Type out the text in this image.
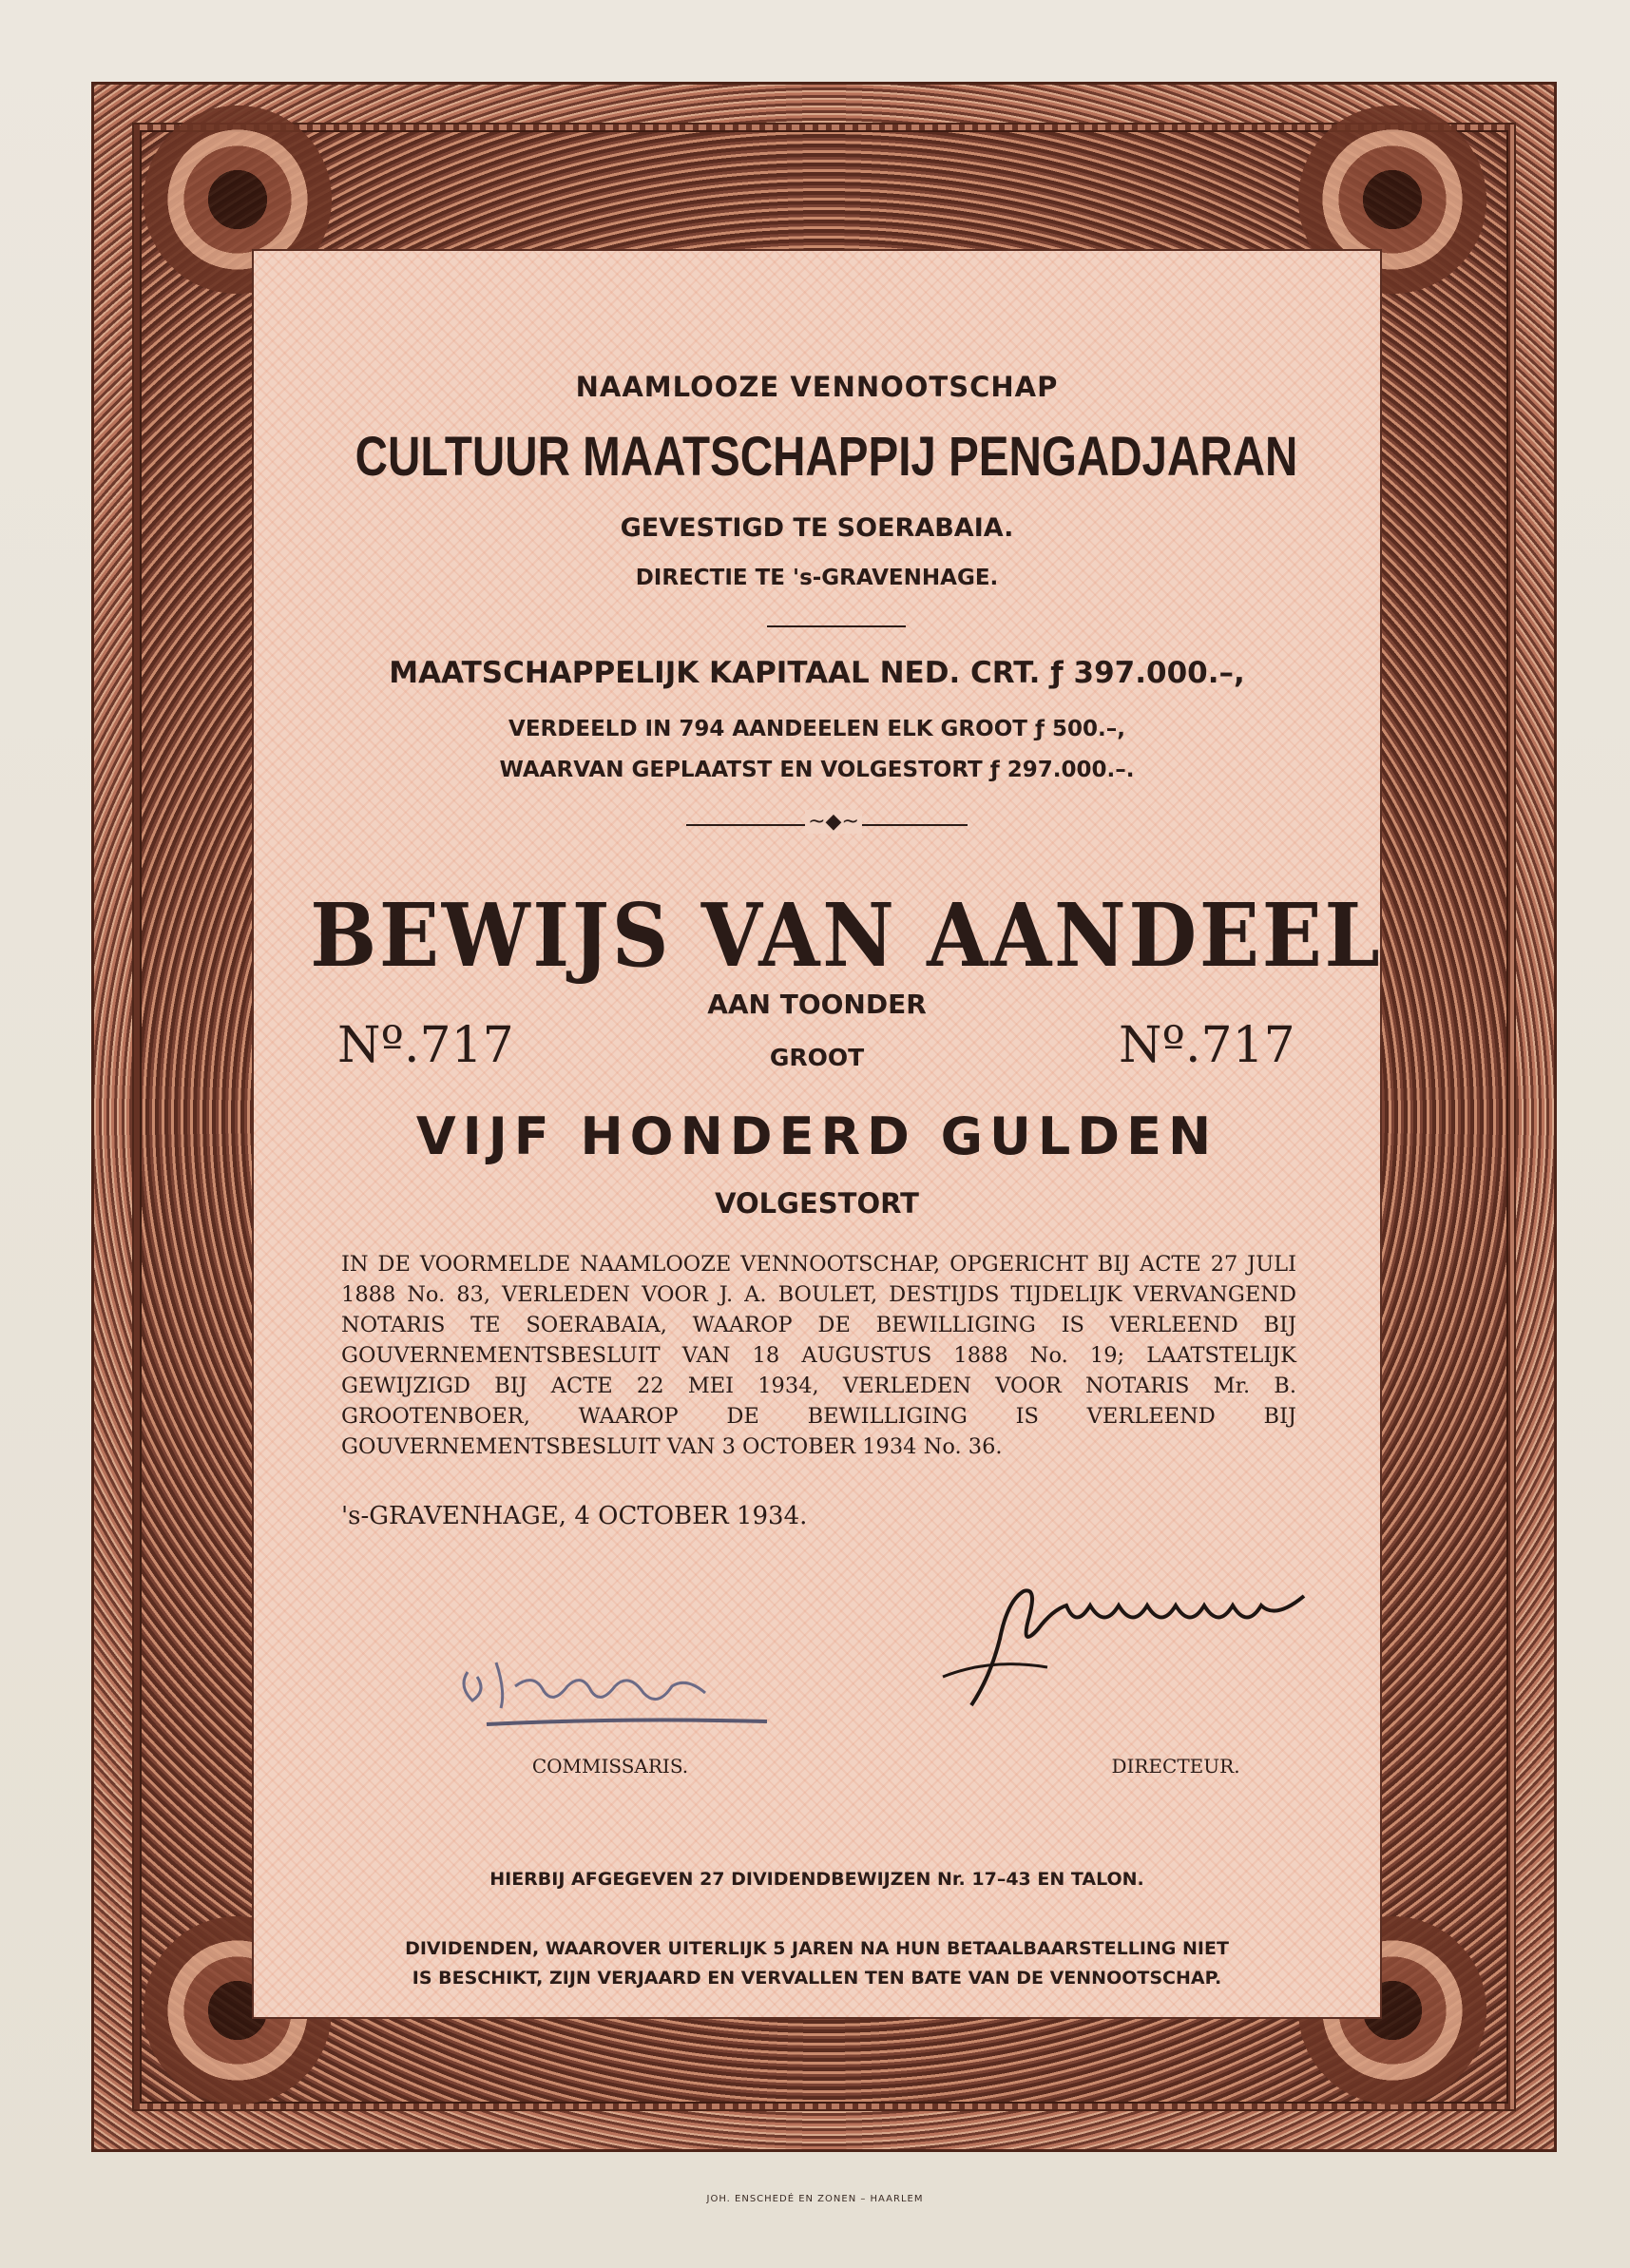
NAAMLOOZE VENNOOTSCHAP
CULTUUR MAATSCHAPPIJ PENGADJARAN
GEVESTIGD TE SOERABAIA.
DIRECTIE TE 's-GRAVENHAGE.
MAATSCHAPPELIJK KAPITAAL NED. CRT. ƒ 397.000.–,
VERDEELD IN 794 AANDEELEN ELK GROOT ƒ 500.–,
WAARVAN GEPLAATST EN VOLGESTORT ƒ 297.000.–.
~◆~
BEWIJS VAN AANDEEL
AAN TOONDER
Nº.717	GROOT	Nº.717
VIJF HONDERD GULDEN
VOLGESTORT
IN DE VOORMELDE NAAMLOOZE VENNOOTSCHAP, OPGERICHT BIJ ACTE 27 JULI 1888 No. 83, VERLEDEN VOOR J. A. BOULET, DESTIJDS TIJDELIJK VERVANGEND NOTARIS TE SOERABAIA, WAAROP DE BEWILLIGING IS VERLEEND BIJ GOUVERNEMENTSBESLUIT VAN 18 AUGUSTUS 1888 No. 19; LAATSTELIJK GEWIJZIGD BIJ ACTE 22 MEI 1934, VERLEDEN VOOR NOTARIS Mr. B. GROOTENBOER, WAAROP DE BEWILLIGING IS VERLEEND BIJ GOUVERNEMENTSBESLUIT VAN 3 OCTOBER 1934 No. 36.
's-GRAVENHAGE, 4 OCTOBER 1934.
COMMISSARIS.	DIRECTEUR.
HIERBIJ AFGEGEVEN 27 DIVIDENDBEWIJZEN Nr. 17–43 EN TALON.
DIVIDENDEN, WAAROVER UITERLIJK 5 JAREN NA HUN BETAALBAARSTELLING NIET
IS BESCHIKT, ZIJN VERJAARD EN VERVALLEN TEN BATE VAN DE VENNOOTSCHAP.
JOH. ENSCHEDÉ EN ZONEN – HAARLEM
